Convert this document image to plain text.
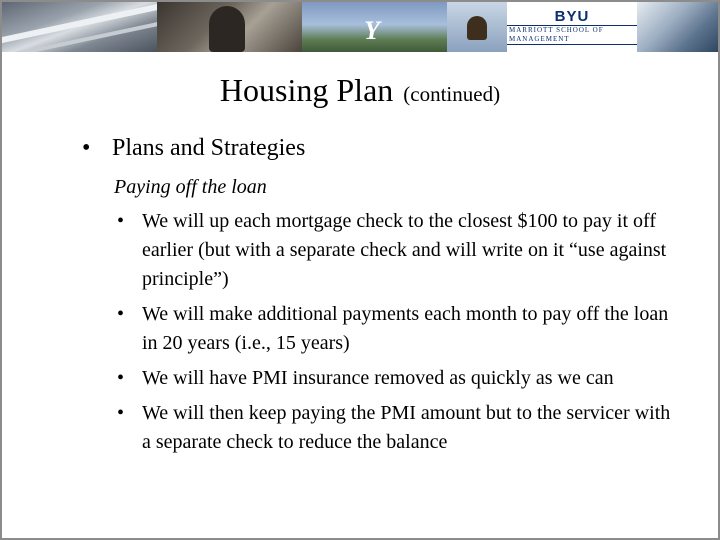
Y	BYU
MARRIOTT SCHOOL OF MANAGEMENT
Housing Plan (continued)
• Plans and Strategies
Paying off the loan
• We will up each mortgage check to the closest $100 to pay it off earlier (but with a separate check and will write on it “use against principle”)
• We will make additional payments each month to pay off the loan in 20 years (i.e., 15 years)
• We will have PMI insurance removed as quickly as we can
• We will then keep paying the PMI amount but to the servicer with a separate check to reduce the balance
